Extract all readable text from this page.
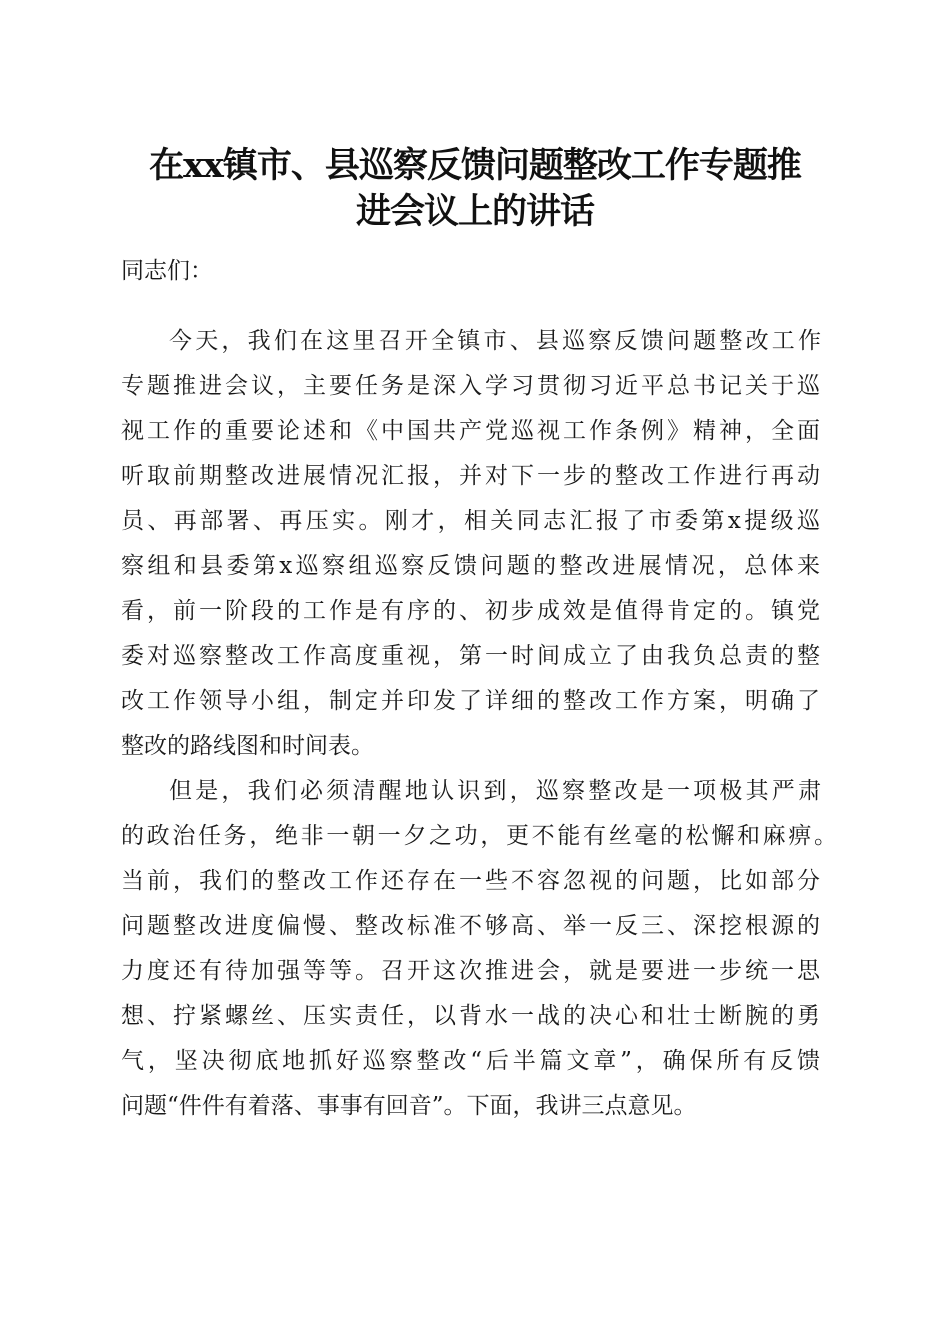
在xx镇市、县巡察反馈问题整改工作专题推
进会议上的讲话
同志们：
今天，我们在这里召开全镇市、县巡察反馈问题整改工作
专题推进会议，主要任务是深入学习贯彻习近平总书记关于巡
视工作的重要论述和《中国共产党巡视工作条例》精神，全面
听取前期整改进展情况汇报，并对下一步的整改工作进行再动
员、再部署、再压实。刚才，相关同志汇报了市委第x提级巡
察组和县委第x巡察组巡察反馈问题的整改进展情况，总体来
看，前一阶段的工作是有序的、初步成效是值得肯定的。镇党
委对巡察整改工作高度重视，第一时间成立了由我负总责的整
改工作领导小组，制定并印发了详细的整改工作方案，明确了
整改的路线图和时间表。
但是，我们必须清醒地认识到，巡察整改是一项极其严肃
的政治任务，绝非一朝一夕之功，更不能有丝毫的松懈和麻痹。
当前，我们的整改工作还存在一些不容忽视的问题，比如部分
问题整改进度偏慢、整改标准不够高、举一反三、深挖根源的
力度还有待加强等等。召开这次推进会，就是要进一步统一思
想、拧紧螺丝、压实责任，以背水一战的决心和壮士断腕的勇
气，坚决彻底地抓好巡察整改“后半篇文章”，确保所有反馈
问题“件件有着落、事事有回音”。下面，我讲三点意见。
